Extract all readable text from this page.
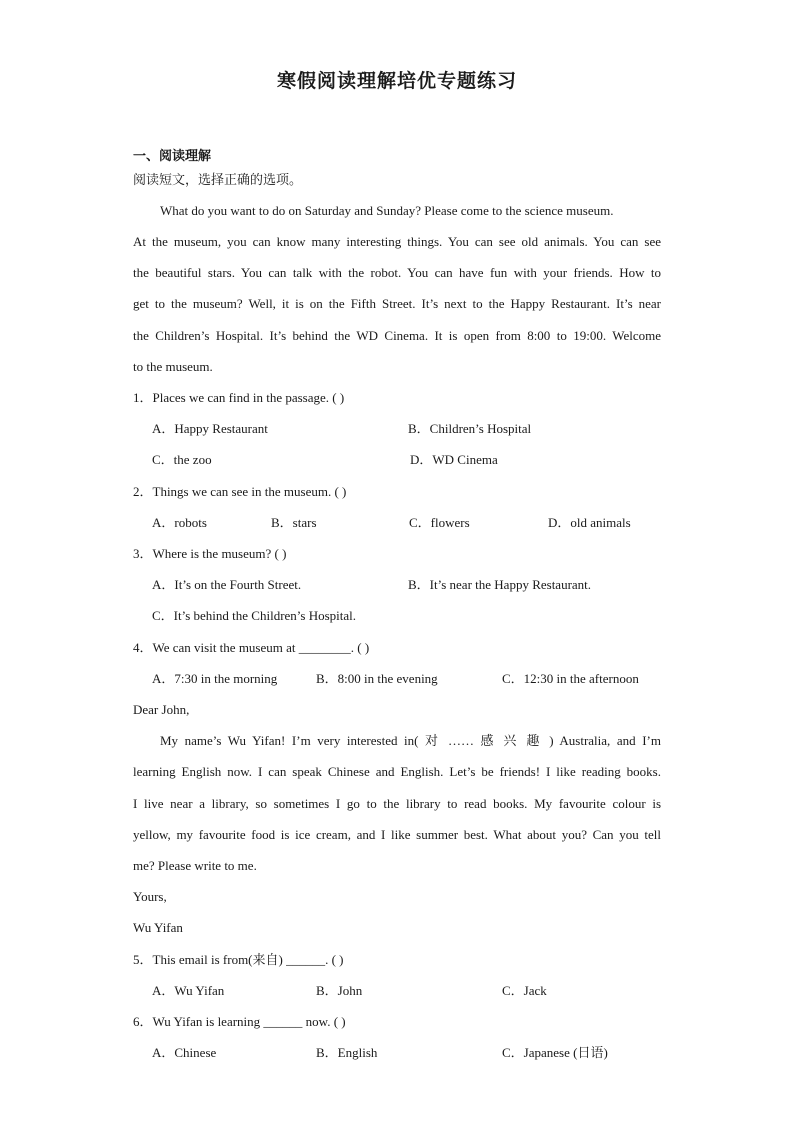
寒假阅读理解培优专题练习
一、阅读理解
阅读短文，选择正确的选项。
What do you want to do on Saturday and Sunday? Please come to the science museum.
At the museum, you can know many interesting things. You can see old animals. You can see
the beautiful stars. You can talk with the robot. You can have fun with your friends. How to
get to the museum? Well, it is on the Fifth Street. It’s next to the Happy Restaurant. It’s near
the Children’s Hospital. It’s behind the WD Cinema. It is open from 8:00 to 19:00. Welcome
to the museum.
1．Places we can find in the passage. ( )
A．Happy Restaurant	B．Children’s Hospital
C．the zoo	D．WD Cinema
2．Things we can see in the museum. ( )
A．robots	B．stars	C．flowers	D．old animals
3．Where is the museum? ( )
A．It’s on the Fourth Street.	B．It’s near the Happy Restaurant.
C．It’s behind the Children’s Hospital.
4．We can visit the museum at ________. ( )
A．7:30 in the morning	B．8:00 in the evening	C．12:30 in the afternoon
Dear John,
My name’s Wu Yifan! I’m very interested in( 对 …… 感 兴 趣 ) Australia, and I’m
learning English now. I can speak Chinese and English. Let’s be friends! I like reading books.
I live near a library, so sometimes I go to the library to read books. My favourite colour is
yellow, my favourite food is ice cream, and I like summer best. What about you? Can you tell
me? Please write to me.
Yours,
Wu Yifan
5．This email is from(来自) ______. ( )
A．Wu Yifan	B．John	C．Jack
6．Wu Yifan is learning ______ now. ( )
A．Chinese	B．English	C．Japanese (日语)
